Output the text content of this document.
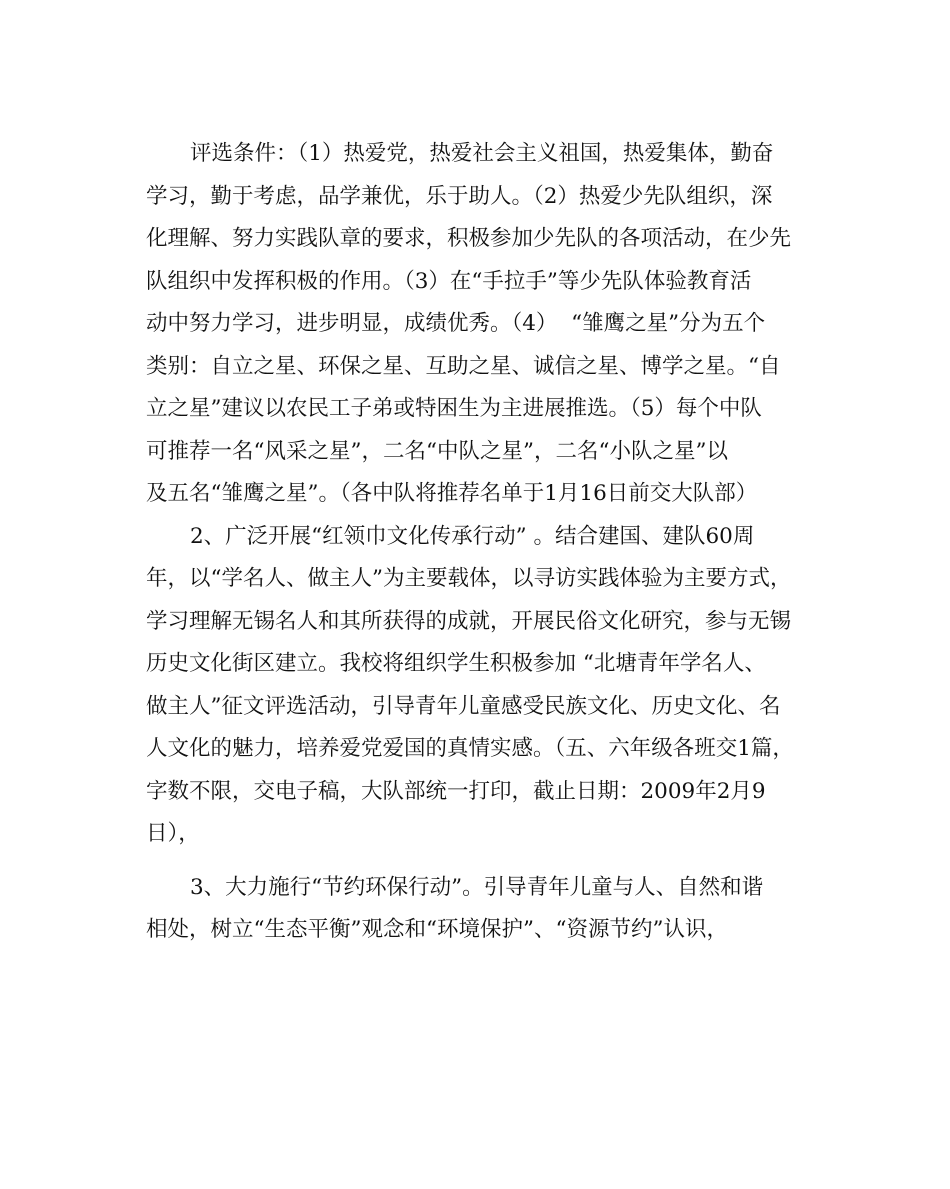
评选条件：（1）热爱党，热爱社会主义祖国，热爱集体，勤奋
学习，勤于考虑，品学兼优，乐于助人。（2）热爱少先队组织，深
化理解、努力实践队章的要求，积极参加少先队的各项活动，在少先
队组织中发挥积极的作用。（3）在“手拉手”等少先队体验教育活
动中努力学习，进步明显，成绩优秀。（4）  “雏鹰之星”分为五个
类别：自立之星、环保之星、互助之星、诚信之星、博学之星。“自
立之星”建议以农民工子弟或特困生为主进展推选。（5）每个中队
可推荐一名“风采之星”，二名“中队之星”，二名“小队之星”以
及五名“雏鹰之星”。（各中队将推荐名单于1月16日前交大队部）
2、广泛开展“红领巾文化传承行动” 。结合建国、建队60周
年，以“学名人、做主人”为主要载体，以寻访实践体验为主要方式，
学习理解无锡名人和其所获得的成就，开展民俗文化研究，参与无锡
历史文化街区建立。我校将组织学生积极参加 “北塘青年学名人、
做主人”征文评选活动，引导青年儿童感受民族文化、历史文化、名
人文化的魅力，培养爱党爱国的真情实感。（五、六年级各班交1篇，
字数不限，交电子稿，大队部统一打印，截止日期：2009年2月9
日），
3、大力施行“节约环保行动”。引导青年儿童与人、自然和谐
相处，树立“生态平衡”观念和“环境保护”、“资源节约”认识，
